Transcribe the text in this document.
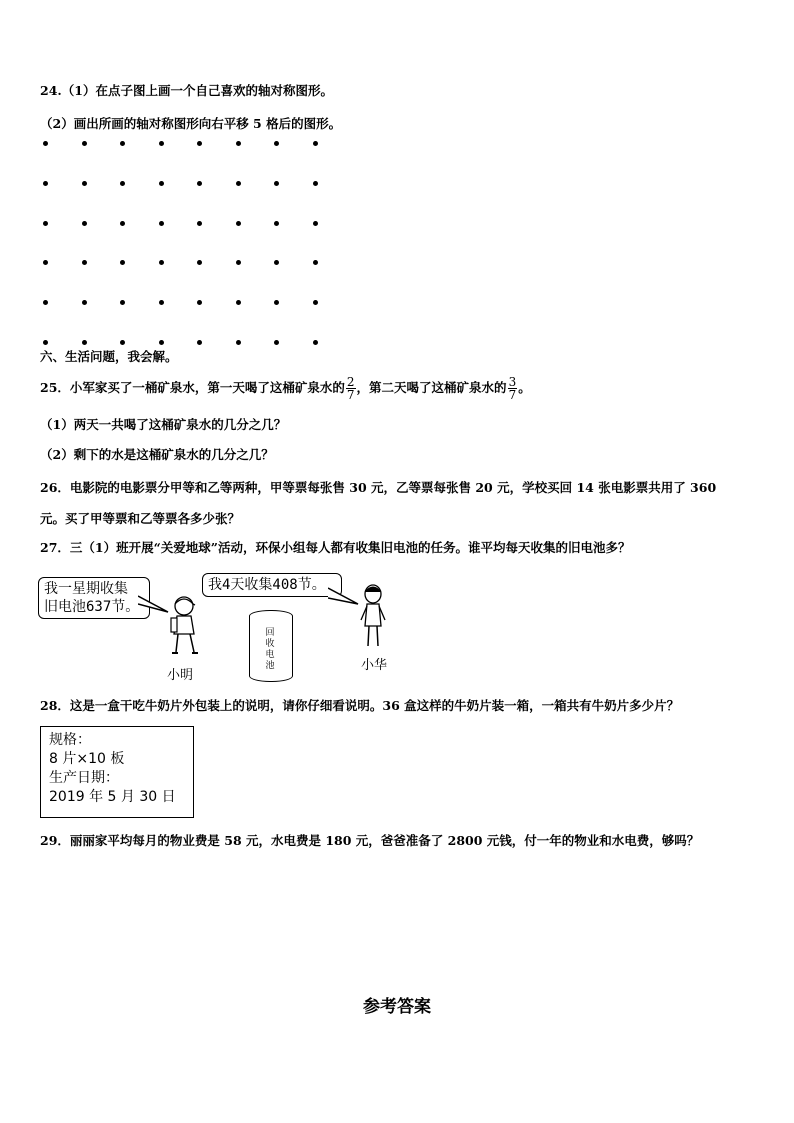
24.（1）在点子图上画一个自己喜欢的轴对称图形。
（2）画出所画的轴对称图形向右平移 5 格后的图形。
六、生活问题，我会解。
25．小军家买了一桶矿泉水，第一天喝了这桶矿泉水的 $\frac{2}{7}$ ，第二天喝了这桶矿泉水的 $\frac{3}{7}$ 。
（1）两天一共喝了这桶矿泉水的几分之几？
（2）剩下的水是这桶矿泉水的几分之几？
26．电影院的电影票分甲等和乙等两种，甲等票每张售 30 元，乙等票每张售 20 元，学校买回 14 张电影票共用了 360
元。买了甲等票和乙等票各多少张？
27．三（1）班开展“关爱地球”活动，环保小组每人都有收集旧电池的任务。谁平均每天收集的旧电池多？
我一星期收集
旧电池637节。
我4天收集408节。
小明
回收电池	小华
28．这是一盒干吃牛奶片外包装上的说明，请你仔细看说明。36 盒这样的牛奶片装一箱，一箱共有牛奶片多少片？
规格：
8 片×10 板
生产日期：
2019 年 5 月 30 日
29．丽丽家平均每月的物业费是 58 元，水电费是 180 元，爸爸准备了 2800 元钱，付一年的物业和水电费，够吗？
参考答案
